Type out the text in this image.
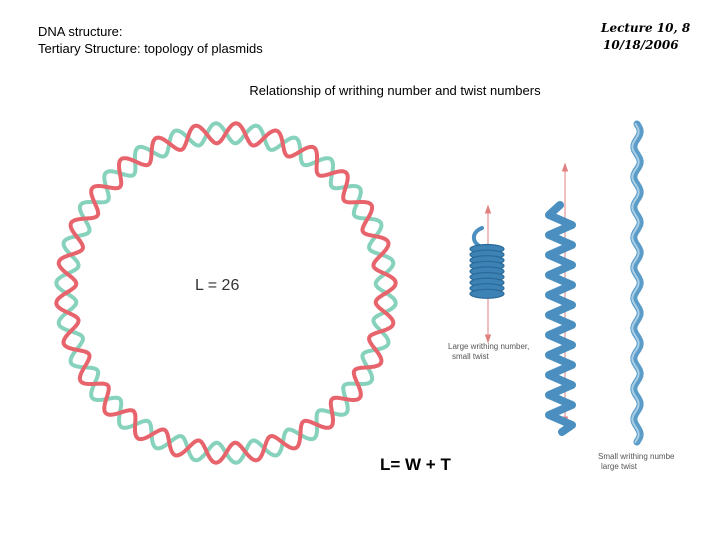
DNA structure:
Tertiary Structure: topology of plasmids
Lecture 10, 8
10/18/2006
Relationship of writhing number and twist numbers
L = 26
Large writhing number,
small twist
Small writhing numbe
large twist
L= W + T
